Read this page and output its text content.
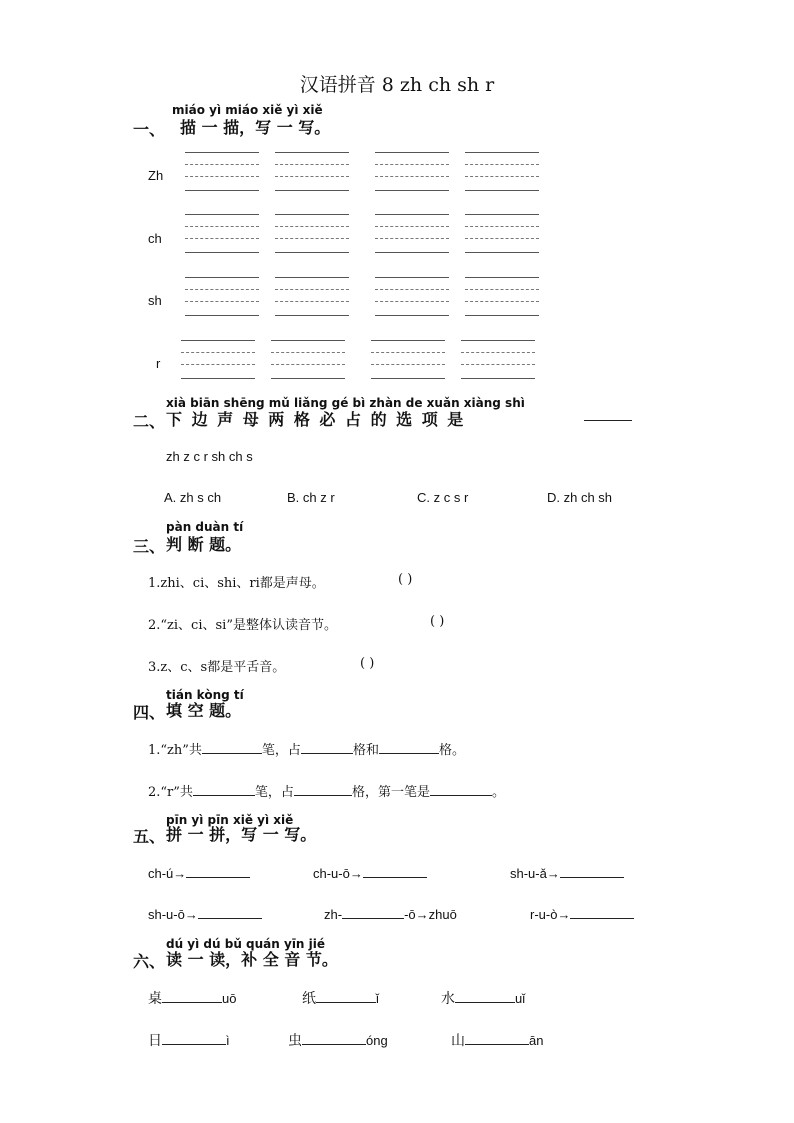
汉语拼音 8 zh ch sh r
miáo yì miáo xiě yì xiě
一、 描 一 描，写 一 写。
Zh
ch
sh
r
xià biān shēng mǔ liǎng gé bì zhàn de xuǎn xiàng shì
二、 下 边 声 母 两 格 必 占 的 选 项 是
zh z c r sh ch s
A. zh s ch	B. ch z r	C. z c s r	D. zh ch sh
pàn duàn tí
三、 判 断 题。
1.zhi、ci、shi、ri都是声母。	( )
2.“zi、ci、si”是整体认读音节。	( )
3.z、c、s都是平舌音。	( )
tián kòng tí
四、 填 空 题。
1.“zh”共	笔，占	格和	格。
2.“r”共	笔，占	格，第一笔是	。
pīn yì pīn xiě yì xiě
五、 拼 一 拼，写 一 写。
ch-ú→	ch-u-ō→	sh-u-ǎ→
sh-u-ō→	zh-	-ō→zhuō	r-u-ò→
dú yì dú bǔ quán yīn jié
六、 读 一 读，补 全 音 节。
桌	uō	纸	ǐ	水	uǐ
日	ì	虫	óng	山	ān
